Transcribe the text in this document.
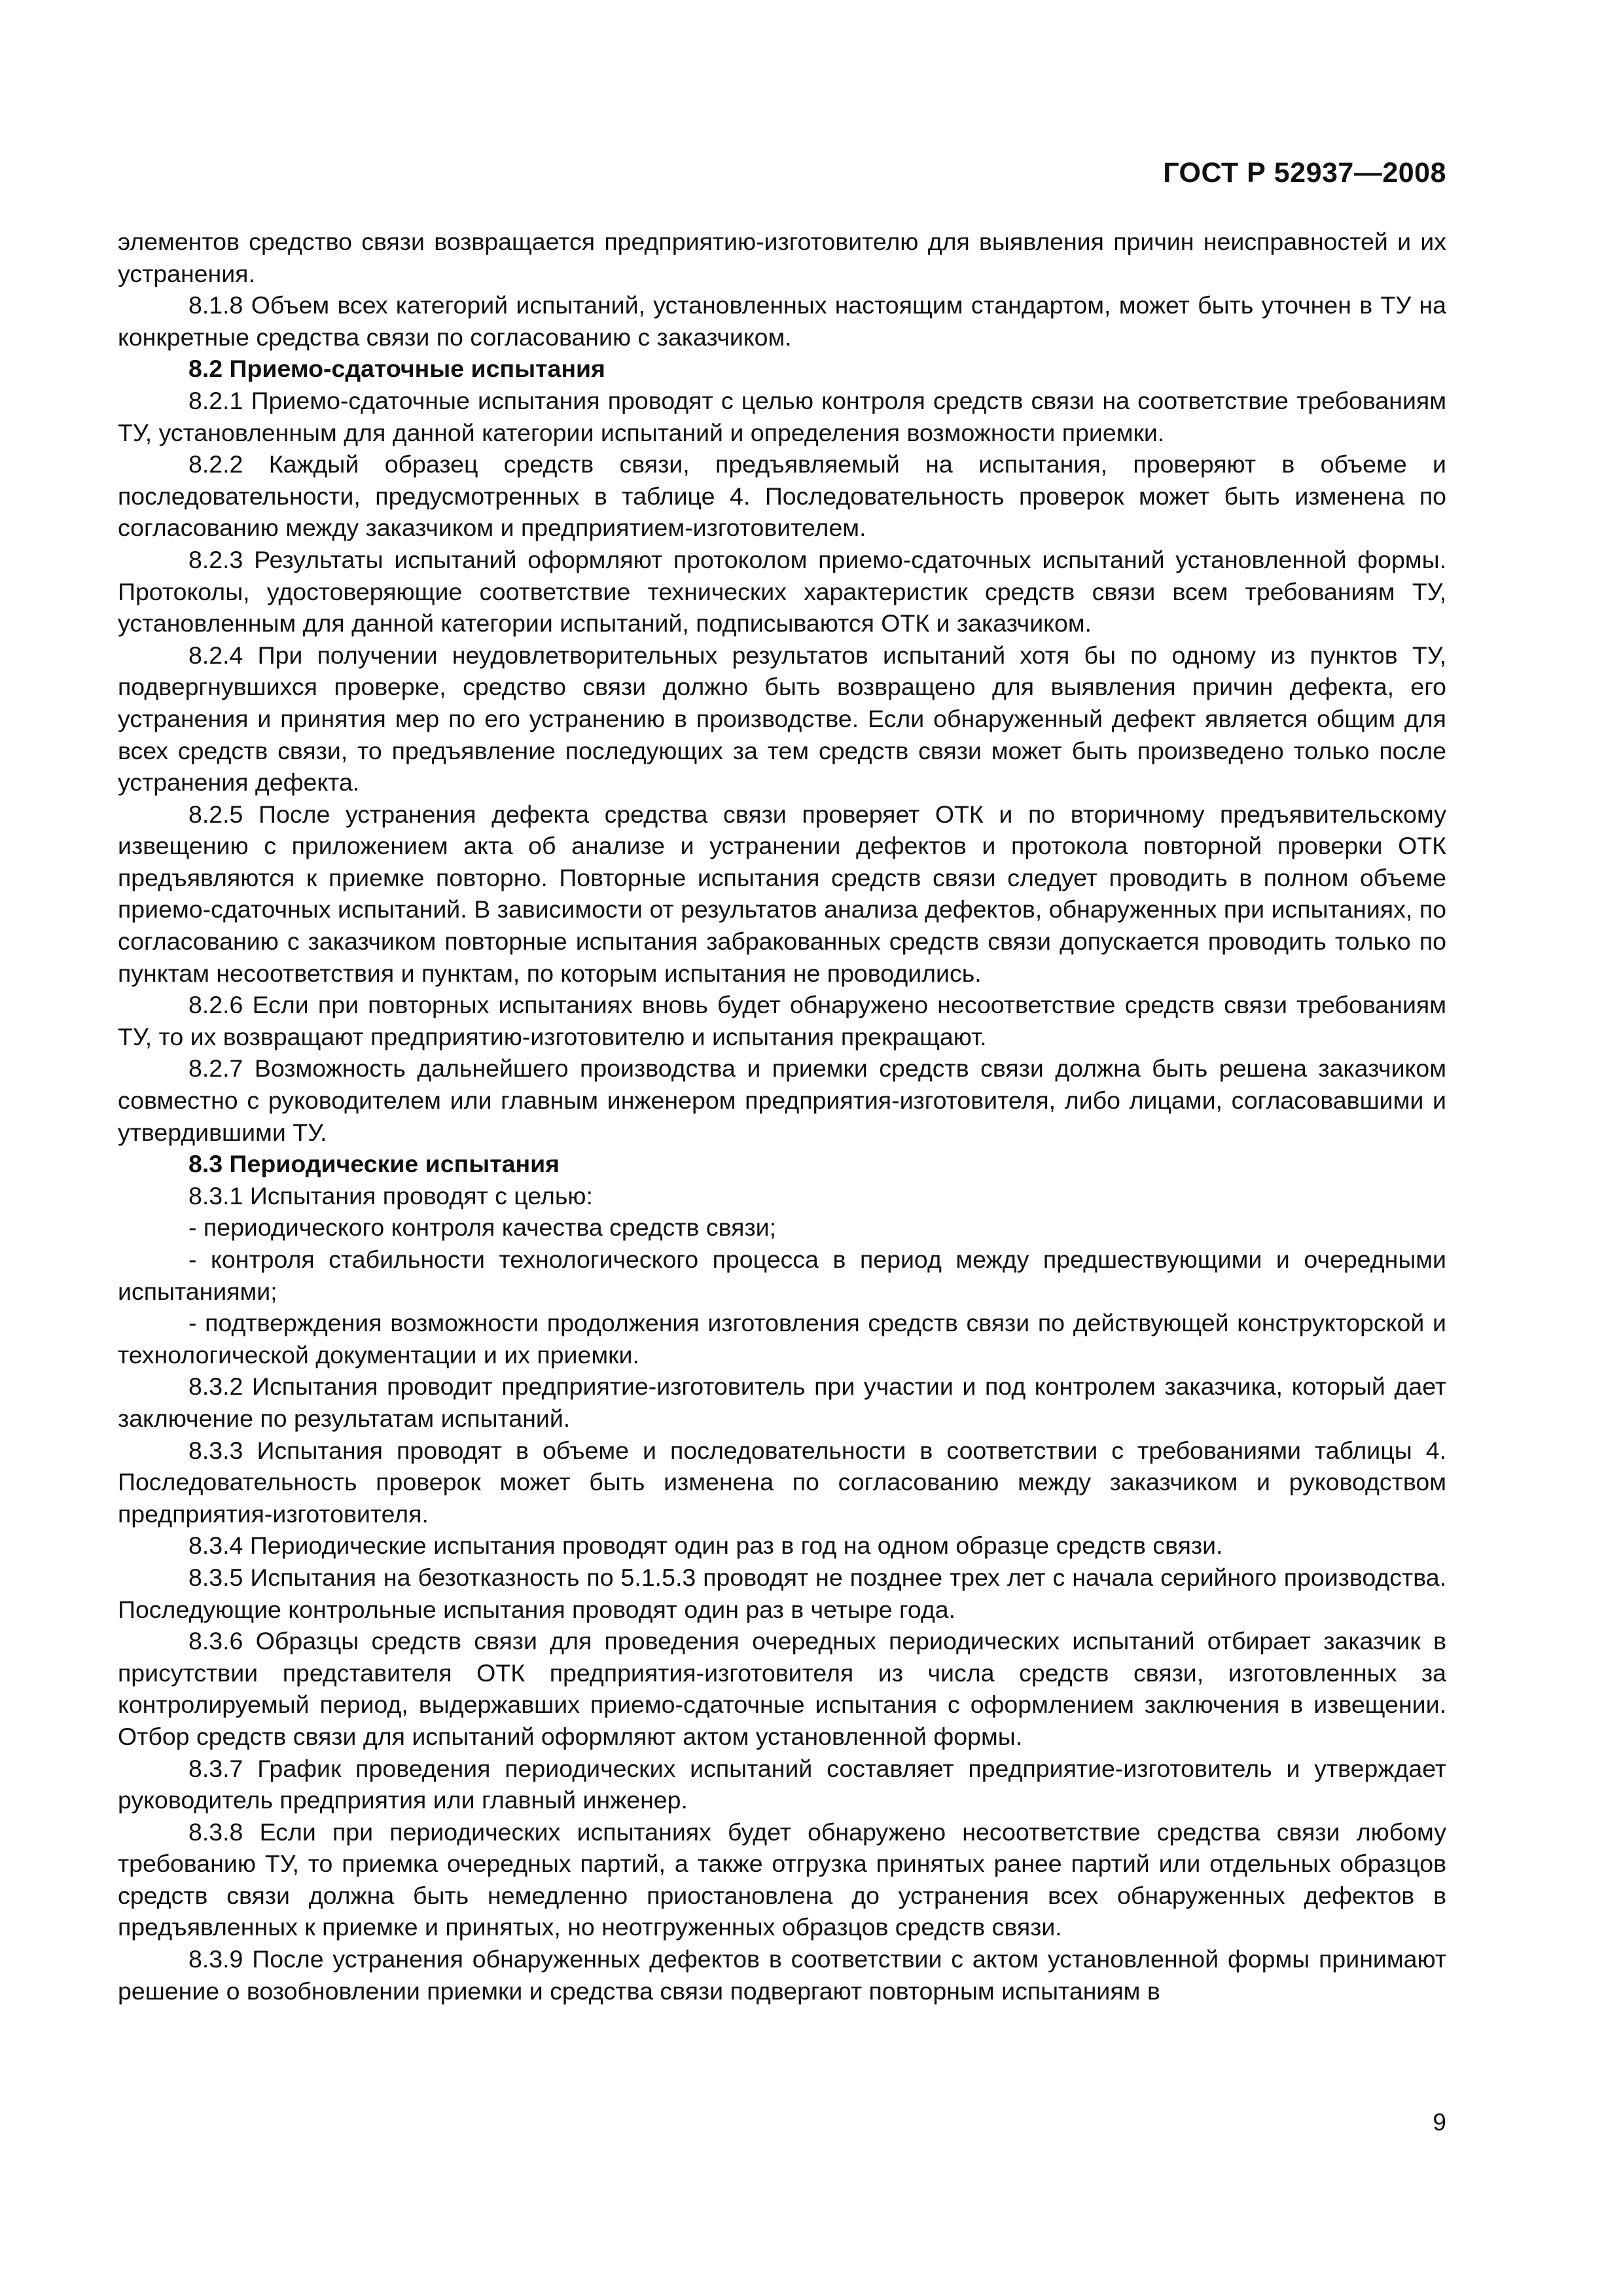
ГОСТ Р 52937—2008

элементов средство связи возвращается предприятию-изготовителю для выявления причин неисправностей и их устранения.

8.1.8 Объем всех категорий испытаний, установленных настоящим стандартом, может быть уточнен в ТУ на конкретные средства связи по согласованию с заказчиком.

8.2 Приемо-сдаточные испытания

8.2.1 Приемо-сдаточные испытания проводят с целью контроля средств связи на соответствие требованиям ТУ, установленным для данной категории испытаний и определения возможности приемки.

8.2.2 Каждый образец средств связи, предъявляемый на испытания, проверяют в объеме и последовательности, предусмотренных в таблице 4. Последовательность проверок может быть изменена по согласованию между заказчиком и предприятием-изготовителем.

8.2.3 Результаты испытаний оформляют протоколом приемо-сдаточных испытаний установленной формы. Протоколы, удостоверяющие соответствие технических характеристик средств связи всем требованиям ТУ, установленным для данной категории испытаний, подписываются ОТК и заказчиком.

8.2.4 При получении неудовлетворительных результатов испытаний хотя бы по одному из пунктов ТУ, подвергнувшихся проверке, средство связи должно быть возвращено для выявления причин дефекта, его устранения и принятия мер по его устранению в производстве. Если обнаруженный дефект является общим для всех средств связи, то предъявление последующих за тем средств связи может быть произведено только после устранения дефекта.

8.2.5 После устранения дефекта средства связи проверяет ОТК и по вторичному предъявительскому извещению с приложением акта об анализе и устранении дефектов и протокола повторной проверки ОТК предъявляются к приемке повторно. Повторные испытания средств связи следует проводить в полном объеме приемо-сдаточных испытаний. В зависимости от результатов анализа дефектов, обнаруженных при испытаниях, по согласованию с заказчиком повторные испытания забракованных средств связи допускается проводить только по пунктам несоответствия и пунктам, по которым испытания не проводились.

8.2.6 Если при повторных испытаниях вновь будет обнаружено несоответствие средств связи требованиям ТУ, то их возвращают предприятию-изготовителю и испытания прекращают.

8.2.7 Возможность дальнейшего производства и приемки средств связи должна быть решена заказчиком совместно с руководителем или главным инженером предприятия-изготовителя, либо лицами, согласовавшими и утвердившими ТУ.

8.3 Периодические испытания

8.3.1 Испытания проводят с целью:

- периодического контроля качества средств связи;

- контроля стабильности технологического процесса в период между предшествующими и очередными испытаниями;

- подтверждения возможности продолжения изготовления средств связи по действующей конструкторской и технологической документации и их приемки.

8.3.2 Испытания проводит предприятие-изготовитель при участии и под контролем заказчика, который дает заключение по результатам испытаний.

8.3.3 Испытания проводят в объеме и последовательности в соответствии с требованиями таблицы 4. Последовательность проверок может быть изменена по согласованию между заказчиком и руководством предприятия-изготовителя.

8.3.4 Периодические испытания проводят один раз в год на одном образце средств связи.

8.3.5 Испытания на безотказность по 5.1.5.3 проводят не позднее трех лет с начала серийного производства. Последующие контрольные испытания проводят один раз в четыре года.

8.3.6 Образцы средств связи для проведения очередных периодических испытаний отбирает заказчик в присутствии представителя ОТК предприятия-изготовителя из числа средств связи, изготовленных за контролируемый период, выдержавших приемо-сдаточные испытания с оформлением заключения в извещении. Отбор средств связи для испытаний оформляют актом установленной формы.

8.3.7 График проведения периодических испытаний составляет предприятие-изготовитель и утверждает руководитель предприятия или главный инженер.

8.3.8 Если при периодических испытаниях будет обнаружено несоответствие средства связи любому требованию ТУ, то приемка очередных партий, а также отгрузка принятых ранее партий или отдельных образцов средств связи должна быть немедленно приостановлена до устранения всех обнаруженных дефектов в предъявленных к приемке и принятых, но неотгруженных образцов средств связи.

8.3.9 После устранения обнаруженных дефектов в соответствии с актом установленной формы принимают решение о возобновлении приемки и средства связи подвергают повторным испытаниям в

9
